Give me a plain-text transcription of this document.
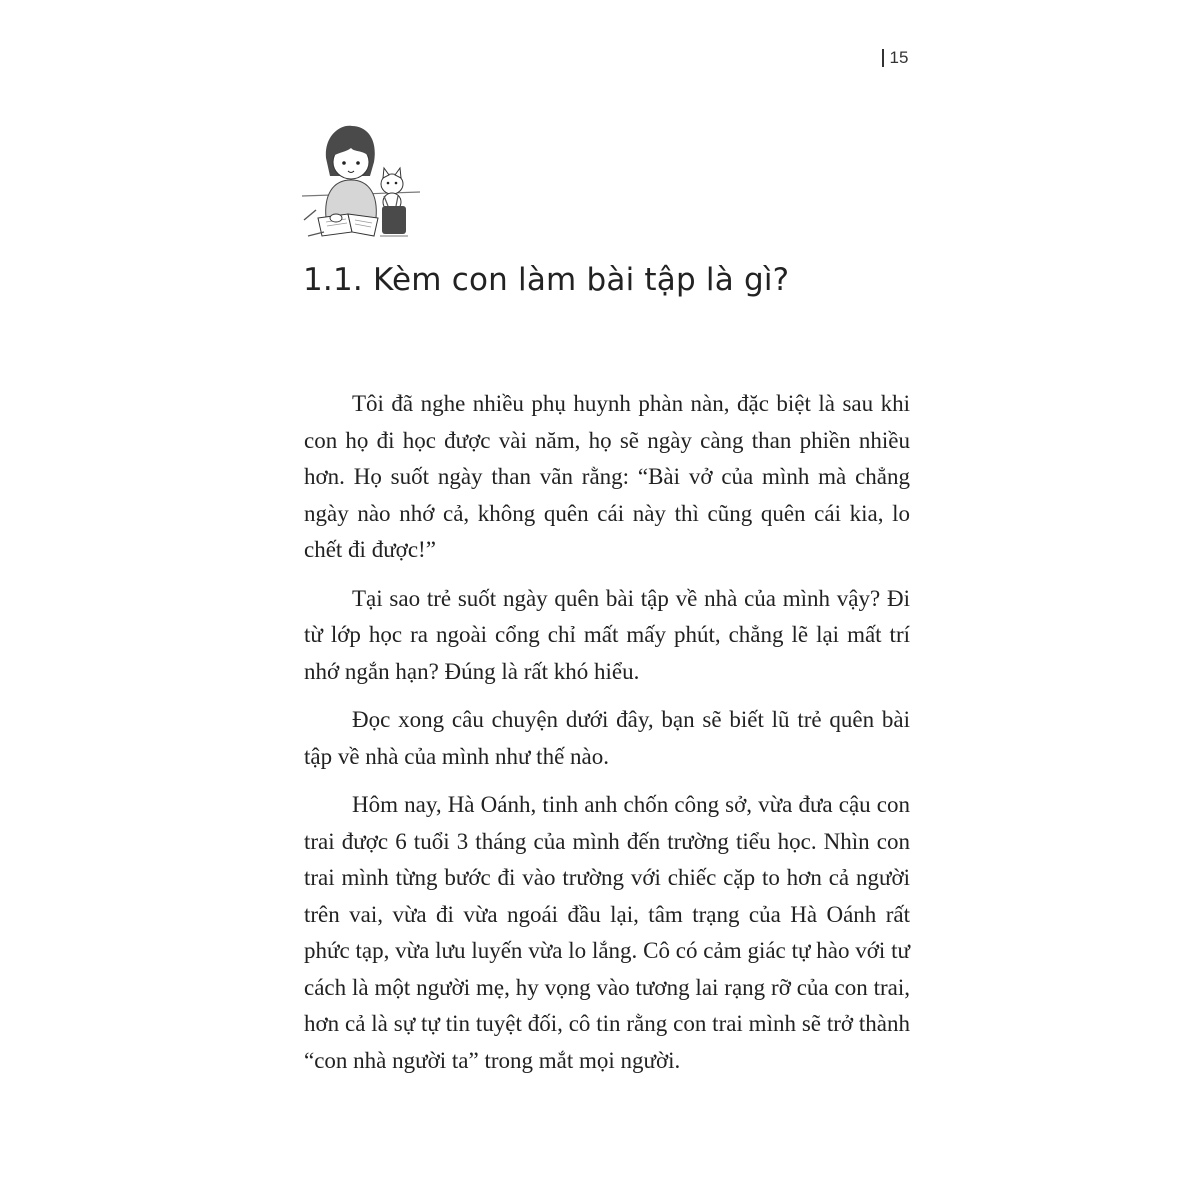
15
1.1. Kèm con làm bài tập là gì?

Tôi đã nghe nhiều phụ huynh phàn nàn, đặc biệt là sau khi con họ đi học được vài năm, họ sẽ ngày càng than phiền nhiều hơn. Họ suốt ngày than vãn rằng: “Bài vở của mình mà chẳng ngày nào nhớ cả, không quên cái này thì cũng quên cái kia, lo chết đi được!”

Tại sao trẻ suốt ngày quên bài tập về nhà của mình vậy? Đi từ lớp học ra ngoài cổng chỉ mất mấy phút, chẳng lẽ lại mất trí nhớ ngắn hạn? Đúng là rất khó hiểu.

Đọc xong câu chuyện dưới đây, bạn sẽ biết lũ trẻ quên bài tập về nhà của mình như thế nào.

Hôm nay, Hà Oánh, tinh anh chốn công sở, vừa đưa cậu con trai được 6 tuổi 3 tháng của mình đến trường tiểu học. Nhìn con trai mình từng bước đi vào trường với chiếc cặp to hơn cả người trên vai, vừa đi vừa ngoái đầu lại, tâm trạng của Hà Oánh rất phức tạp, vừa lưu luyến vừa lo lắng. Cô có cảm giác tự hào với tư cách là một người mẹ, hy vọng vào tương lai rạng rỡ của con trai, hơn cả là sự tự tin tuyệt đối, cô tin rằng con trai mình sẽ trở thành “con nhà người ta” trong mắt mọi người.
